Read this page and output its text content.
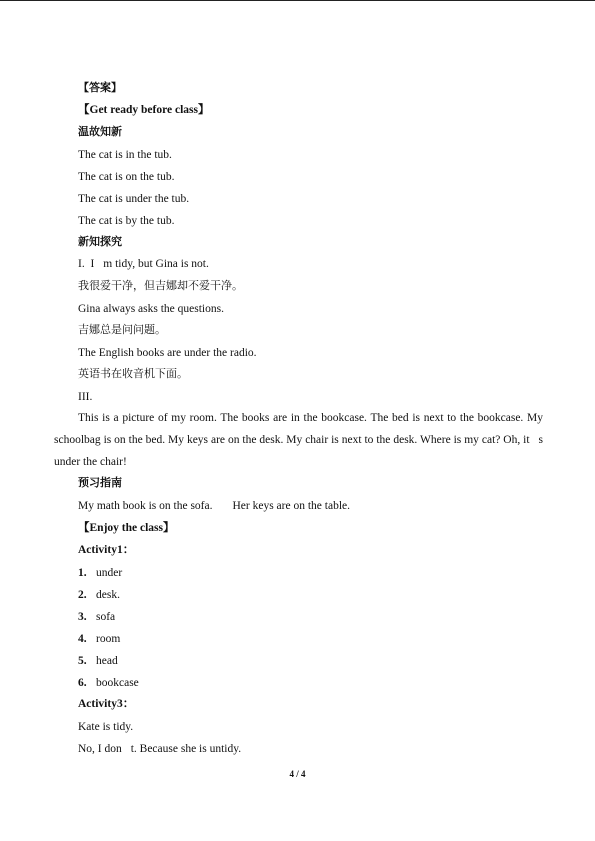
【答案】
【Get ready before class】
温故知新
The cat is in the tub.
The cat is on the tub.
The cat is under the tub.
The cat is by the tub.
新知探究
I. I m tidy, but Gina is not.
我很爱干净，但吉娜却不爱干净。
Gina always asks the questions.
吉娜总是问问题。
The English books are under the radio.
英语书在收音机下面。
III.
This is a picture of my room. The books are in the bookcase. The bed is next to the bookcase. My schoolbag is on the bed. My keys are on the desk. My chair is next to the desk. Where is my cat? Oh, it s under the chair!
预习指南
My math book is on the sofa. Her keys are on the table.
【Enjoy the class】
Activity1：
1. under
2. desk.
3. sofa
4. room
5. head
6. bookcase
Activity3：
Kate is tidy.
No, I don t. Because she is untidy.
4 / 4
